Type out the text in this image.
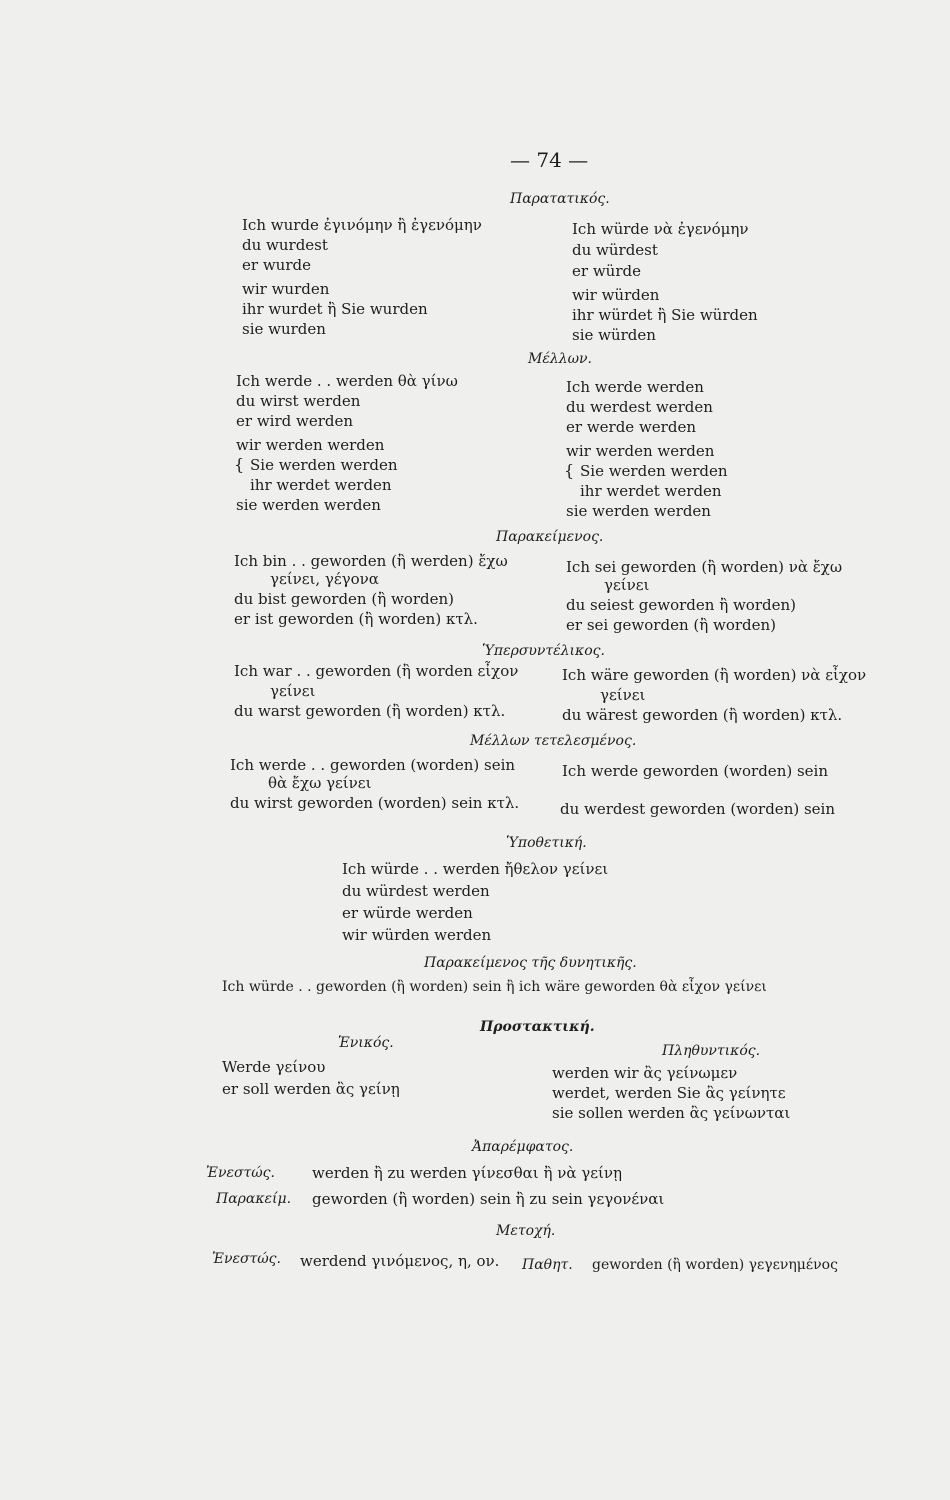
— 74 —
Παρατατικός.
Ich wurde ἐγινόμην ἢ ἐγενόμην
du wurdest
er wurde
wir wurden
ihr wurdet ἢ Sie wurden
sie wurden
Ich würde νὰ ἐγενόμην
du würdest
er würde
wir würden
ihr würdet ἢ Sie würden
sie würden
Μέλλων.
Ich werde . . werden θὰ γίνω
du wirst werden
er wird werden
wir werden werden
{ Sie werden werden
ihr werdet werden
sie werden werden
Ich werde werden
du werdest werden
er werde werden
wir werden werden
{ Sie werden werden
ihr werdet werden
sie werden werden
Παρακείμενος.
Ich bin . . geworden (ἢ werden) ἔχω
γείνει, γέγονα
du bist geworden (ἢ worden)
er ist geworden (ἢ worden) κτλ.
Ich sei geworden (ἢ worden) νὰ ἔχω
γείνει
du seiest geworden ἢ worden)
er sei geworden (ἢ worden)
Ὑπερσυντέλικος.
Ich war . . geworden (ἢ worden εἶχον
γείνει
du warst geworden (ἢ worden) κτλ.
Ich wäre geworden (ἢ worden) νὰ εἶχον
γείνει
du wärest geworden (ἢ worden) κτλ.
Μέλλων τετελεσμένος.
Ich werde . . geworden (worden) sein
θὰ ἔχω γείνει
du wirst geworden (worden) sein κτλ.
Ich werde geworden (worden) sein
du werdest geworden (worden) sein
Ὑποθετική.
Ich würde . . werden ἤθελον γείνει
du würdest werden
er würde werden
wir würden werden
Παρακείμενος τῆς δυνητικῆς.
Ich würde . . geworden (ἢ worden) sein ἢ ich wäre geworden θὰ εἶχον γείνει
Προστακτική.
Ἑνικός.
Werde γείνου
er soll werden ἂς γείνῃ
Πληθυντικός.
werden wir ἂς γείνωμεν
werdet, werden Sie ἂς γείνητε
sie sollen werden ἂς γείνωνται
Ἀπαρέμφατος.
Ἐνεστώς. werden ἢ zu werden γίνεσθαι ἢ νὰ γείνῃ
Παρακείμ. geworden (ἢ worden) sein ἢ zu sein γεγονέναι
Μετοχή.
Ἐνεστώς. werdend γινόμενος, η, ον. Παθητ. geworden (ἢ worden) γεγενημένος
